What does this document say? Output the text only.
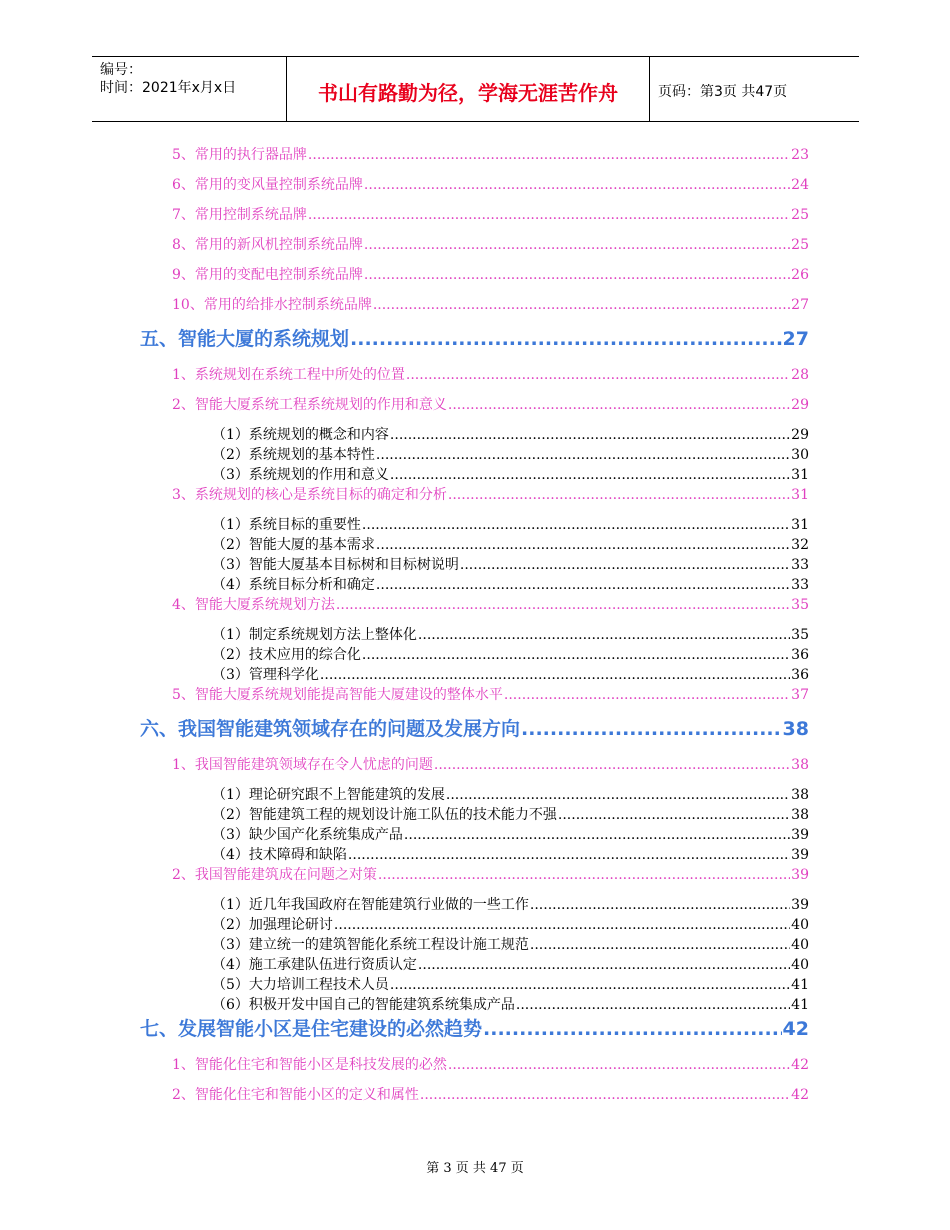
编号：
时间：2021年x月x日	书山有路勤为径，学海无涯苦作舟	页码：第3页 共47页
5、常用的执行器品牌 .....	23
6、常用的变风量控制系统品牌 .....	24
7、常用控制系统品牌 .....	25
8、常用的新风机控制系统品牌 .....	25
9、常用的变配电控制系统品牌 .....	26
10、常用的给排水控制系统品牌 .....	27
五、智能大厦的系统规划 .....	27
1、系统规划在系统工程中所处的位置 .....	28
2、智能大厦系统工程系统规划的作用和意义 .....	29
（1）系统规划的概念和内容 .....	29
（2）系统规划的基本特性 .....	30
（3）系统规划的作用和意义 .....	31
3、系统规划的核心是系统目标的确定和分析 .....	31
（1）系统目标的重要性 .....	31
（2）智能大厦的基本需求 .....	32
（3）智能大厦基本目标树和目标树说明 .....	33
（4）系统目标分析和确定 .....	33
4、智能大厦系统规划方法 .....	35
（1）制定系统规划方法上整体化 .....	35
（2）技术应用的综合化 .....	36
（3）管理科学化 .....	36
5、智能大厦系统规划能提高智能大厦建设的整体水平 .....	37
六、我国智能建筑领域存在的问题及发展方向 .....	38
1、我国智能建筑领域存在令人忧虑的问题 .....	38
（1）理论研究跟不上智能建筑的发展 .....	38
（2）智能建筑工程的规划设计施工队伍的技术能力不强 .....	38
（3）缺少国产化系统集成产品 .....	39
（4）技术障碍和缺陷 .....	39
2、我国智能建筑成在问题之对策 .....	39
（1）近几年我国政府在智能建筑行业做的一些工作 .....	39
（2）加强理论研讨 .....	40
（3）建立统一的建筑智能化系统工程设计施工规范 .....	40
（4）施工承建队伍进行资质认定 .....	40
（5）大力培训工程技术人员 .....	41
（6）积极开发中国自己的智能建筑系统集成产品 .....	41
七、发展智能小区是住宅建设的必然趋势 .....	42
1、智能化住宅和智能小区是科技发展的必然 .....	42
2、智能化住宅和智能小区的定义和属性 .....	42
第 3 页 共 47 页
